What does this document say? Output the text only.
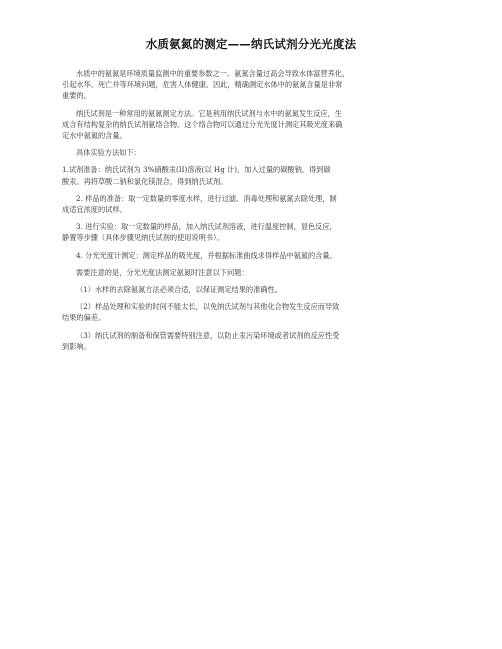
水质氨氮的测定——纳氏试剂分光光度法

水质中的氨氮是环境质量监测中的重要参数之一。氨氮含量过高会导致水体富营养化，
引起水华、死亡井等环境问题，危害人体健康。因此，精确测定水体中的氨氮含量是非常
重要的。

纳氏试剂是一种常用的氨氮测定方法。它是利用纳氏试剂与水中的氨氮发生反应，生
成含有结构复杂的纳氏试剂氨络合物。这个络合物可以通过分光光度计测定其吸光度来确
定水中氨氮的含量。

具体实验方法如下：

1.试剂准备：纳氏试剂为 3%硝酸汞(II)溶液(以 Hg 计)，加入过量的碳酸钠，得到碳
酸汞。再将草酸二钠和氯化镁混合，得到纳氏试剂。

2. 样品的准备：取一定数量的零度水样，进行过滤、消毒处理和氨氮去除处理，制
成适宜浓度的试样。

3. 进行实验：取一定数量的样品，加入纳氏试剂溶液，进行温度控制，显色反应，
静置等步骤（具体步骤见纳氏试剂的使用说明书）。

4. 分光光度计测定：测定样品的吸光度，并根据标准曲线求得样品中氨氮的含量。

需要注意的是，分光光度法测定氨氮时注意以下问题：

（1）水样的去除氨氮方法必须合适，以保证测定结果的准确性。

（2）样品处理和实验的时间不能太长，以免纳氏试剂与其他化合物发生反应而导致
结果的偏差。

（3）纳氏试剂的制备和保管需要特别注意，以防止汞污染环境或者试剂的反应性受
到影响。
